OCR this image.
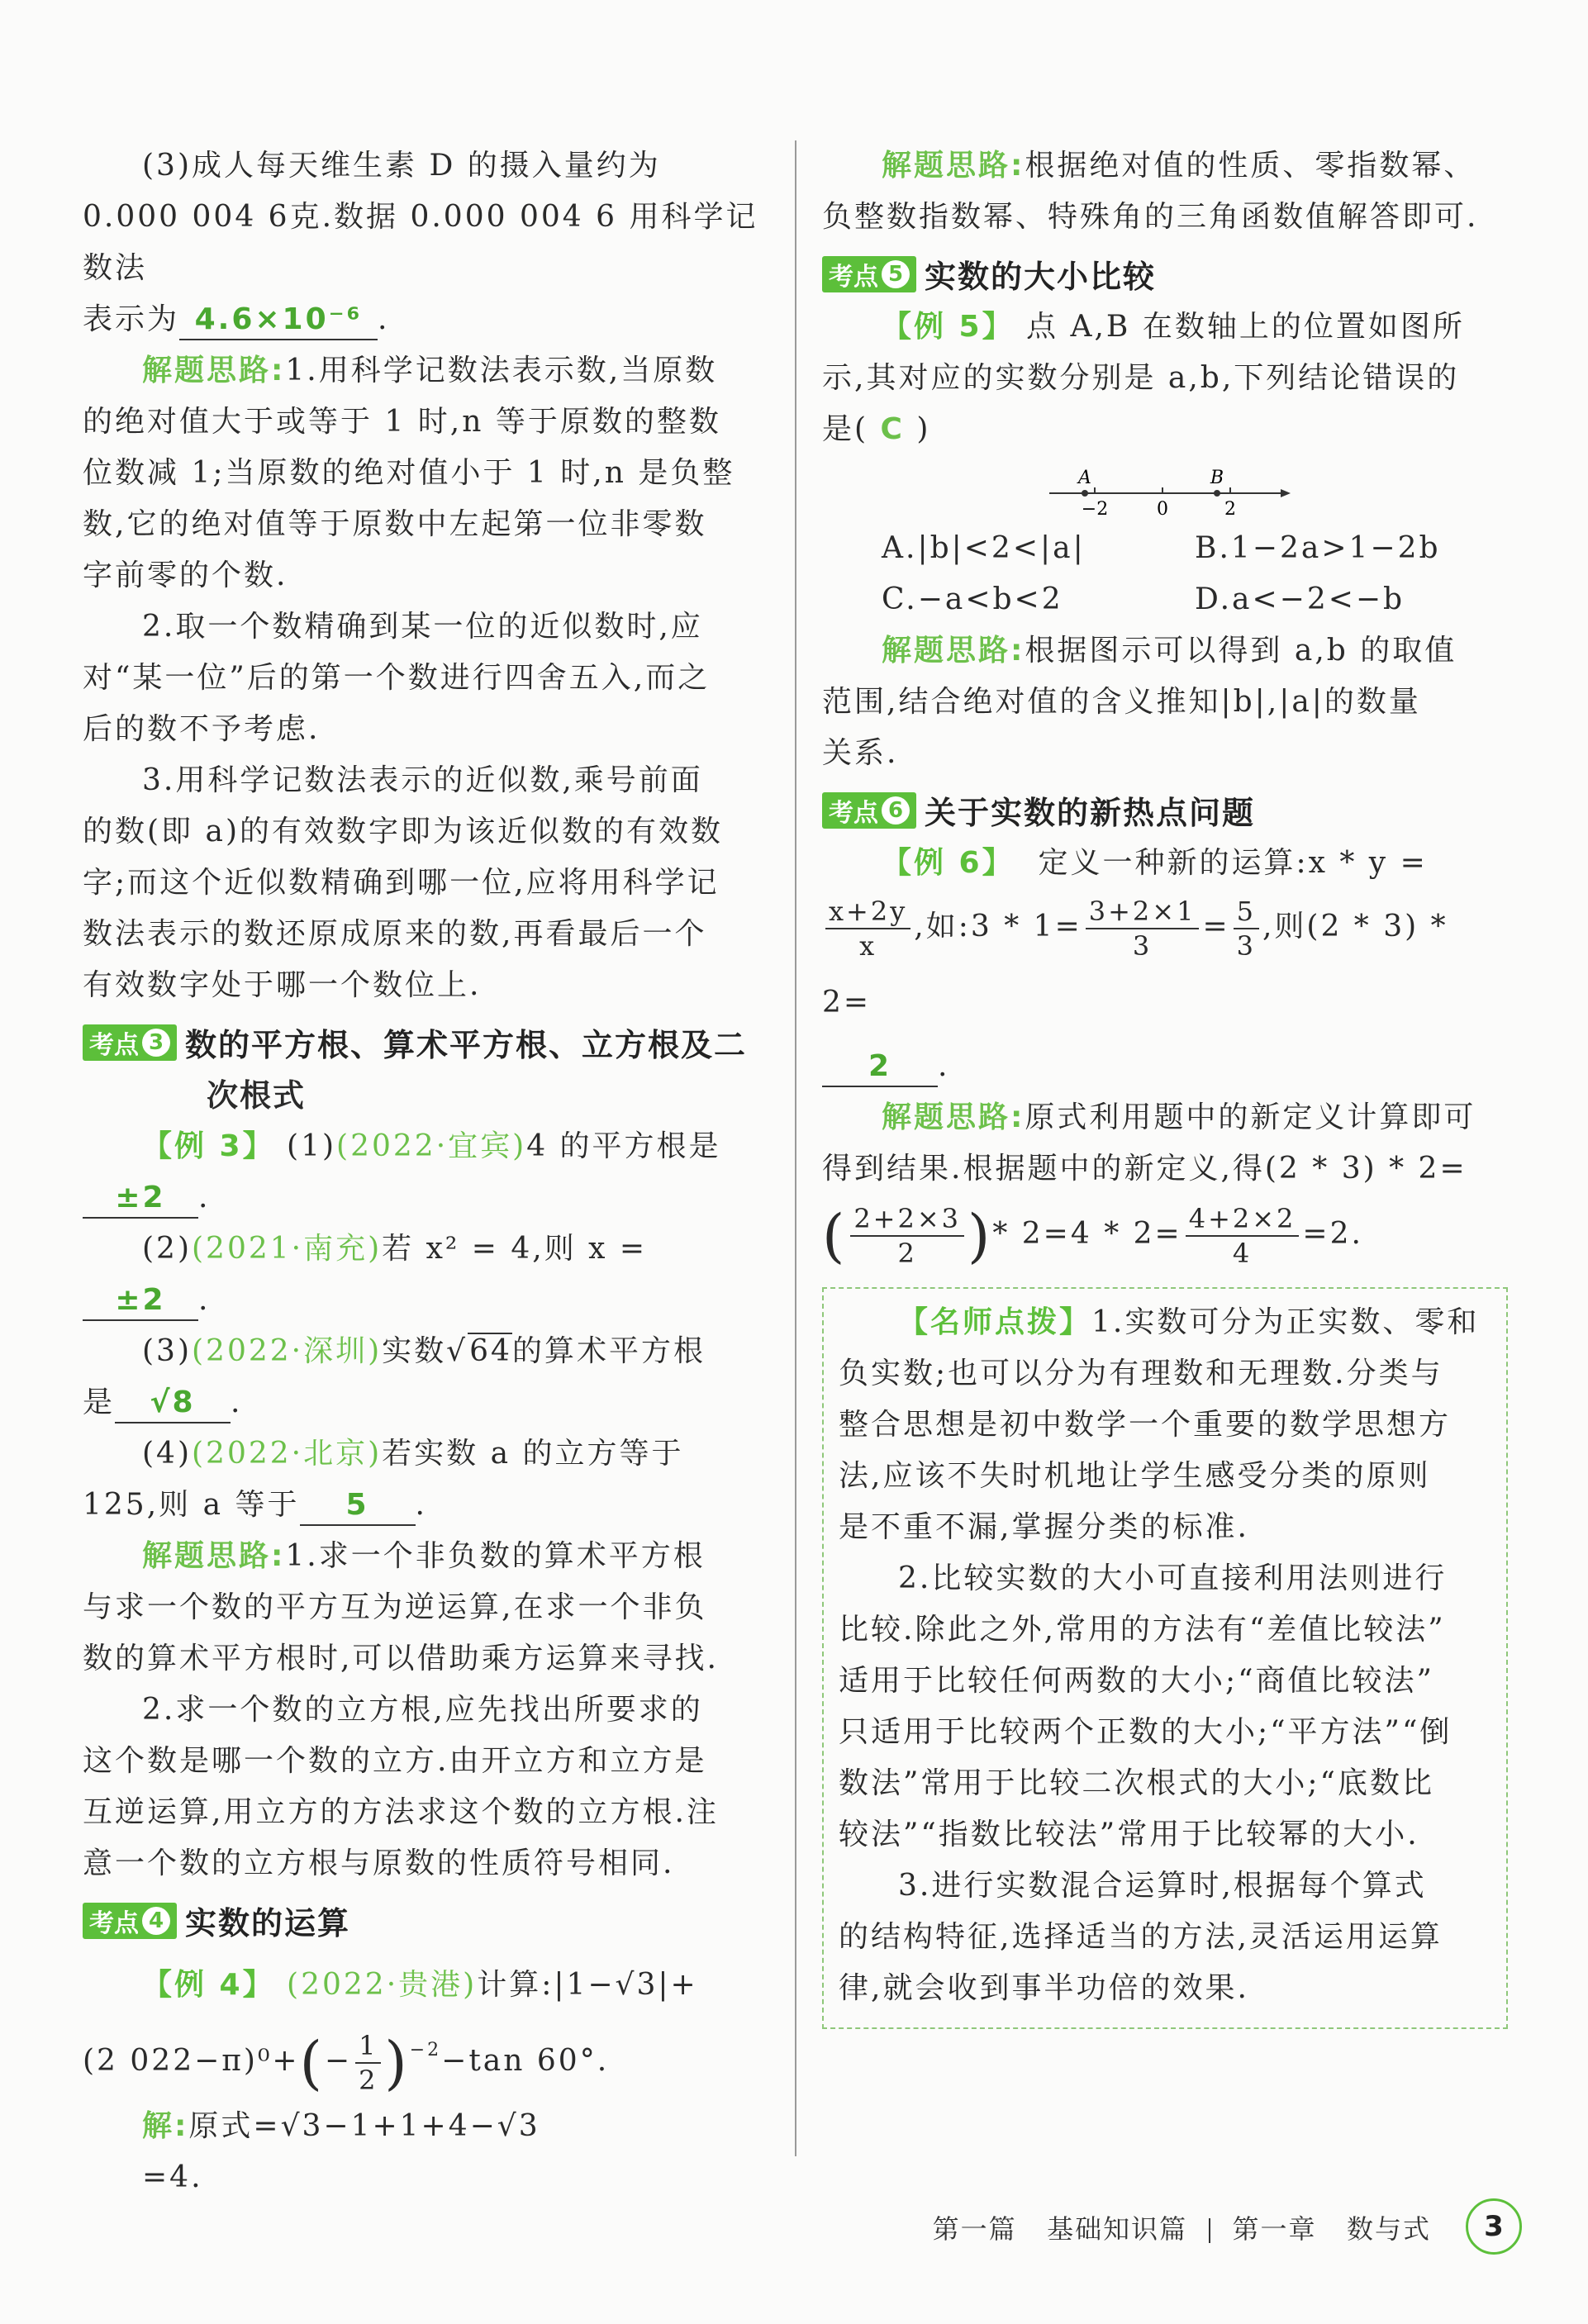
(3)成人每天维生素 D 的摄入量约为

0.000 004 6克.数据 0.000 004 6 用科学记数法

表示为 4.6×10⁻⁶ .

解题思路:1.用科学记数法表示数,当原数

的绝对值大于或等于 1 时,n 等于原数的整数

位数减 1;当原数的绝对值小于 1 时,n 是负整

数,它的绝对值等于原数中左起第一位非零数

字前零的个数.

2.取一个数精确到某一位的近似数时,应

对“某一位”后的第一个数进行四舍五入,而之

后的数不予考虑.

3.用科学记数法表示的近似数,乘号前面

的数(即 a)的有效数字即为该近似数的有效数

字;而这个近似数精确到哪一位,应将用科学记

数法表示的数还原成原来的数,再看最后一个

有效数字处于哪一个数位上.

考点 3 数的平方根、算术平方根、立方根及二
次根式

【例 3】 (1)(2022·宜宾)4 的平方根是

±2 .

(2)(2021·南充)若 x² = 4,则 x =

±2 .

(3)(2022·深圳)实数√64的算术平方根

是 √8 .

(4)(2022·北京)若实数 a 的立方等于

125,则 a 等于 5 .

解题思路:1.求一个非负数的算术平方根

与求一个数的平方互为逆运算,在求一个非负

数的算术平方根时,可以借助乘方运算来寻找.

2.求一个数的立方根,应先找出所要求的

这个数是哪一个数的立方.由开立方和立方是

互逆运算,用立方的方法求这个数的立方根.注

意一个数的立方根与原数的性质符号相同.

考点 4 实数的运算

【例 4】 (2022·贵港)计算:|1−√3|+

(2 $022-\pi)^0+(- \frac{1}{2} )^{-2}-\tan$ 60°.

解:原式=√3−1+1+4−√3

=4.

解题思路:根据绝对值的性质、零指数幂、

负整数指数幂、特殊角的三角函数值解答即可.

考点 5 实数的大小比较

【例 5】 点 A,B 在数轴上的位置如图所

示,其对应的实数分别是 a,b,下列结论错误的

是( C )

A	B
−2	0	2

A.|b|<2<|a|	B.1−2a>1−2b

C.−a<b<2	D.a<−2<−b

解题思路:根据图示可以得到 a,b 的取值

范围,结合绝对值的含义推知|b|,|a|的数量

关系.

考点 6 关于实数的新热点问题

【例 6】 定义一种新的运算:x * y =

$\frac{x+2y}{x}$ ,如:3 * $1= \frac{3+2\times 1}{3} = \frac{5}{3}$ ,则(2 * 3) * 2=

2 .

解题思路:原式利用题中的新定义计算即可

得到结果.根据题中的新定义,得(2 * 3) * 2=

( $\frac{2+2\times 3}{2}$ )* $2=4 * 2= \frac{4+2\times 2}{4} =2$.

【名师点拨】1.实数可分为正实数、零和

负实数;也可以分为有理数和无理数.分类与

整合思想是初中数学一个重要的数学思想方

法,应该不失时机地让学生感受分类的原则

是不重不漏,掌握分类的标准.

2.比较实数的大小可直接利用法则进行

比较.除此之外,常用的方法有“差值比较法”

适用于比较任何两数的大小;“商值比较法”

只适用于比较两个正数的大小;“平方法”“倒

数法”常用于比较二次根式的大小;“底数比

较法”“指数比较法”常用于比较幂的大小.

3.进行实数混合运算时,根据每个算式

的结构特征,选择适当的方法,灵活运用运算

律,就会收到事半功倍的效果.

第一篇 基础知识篇 第一章 数与式	3
